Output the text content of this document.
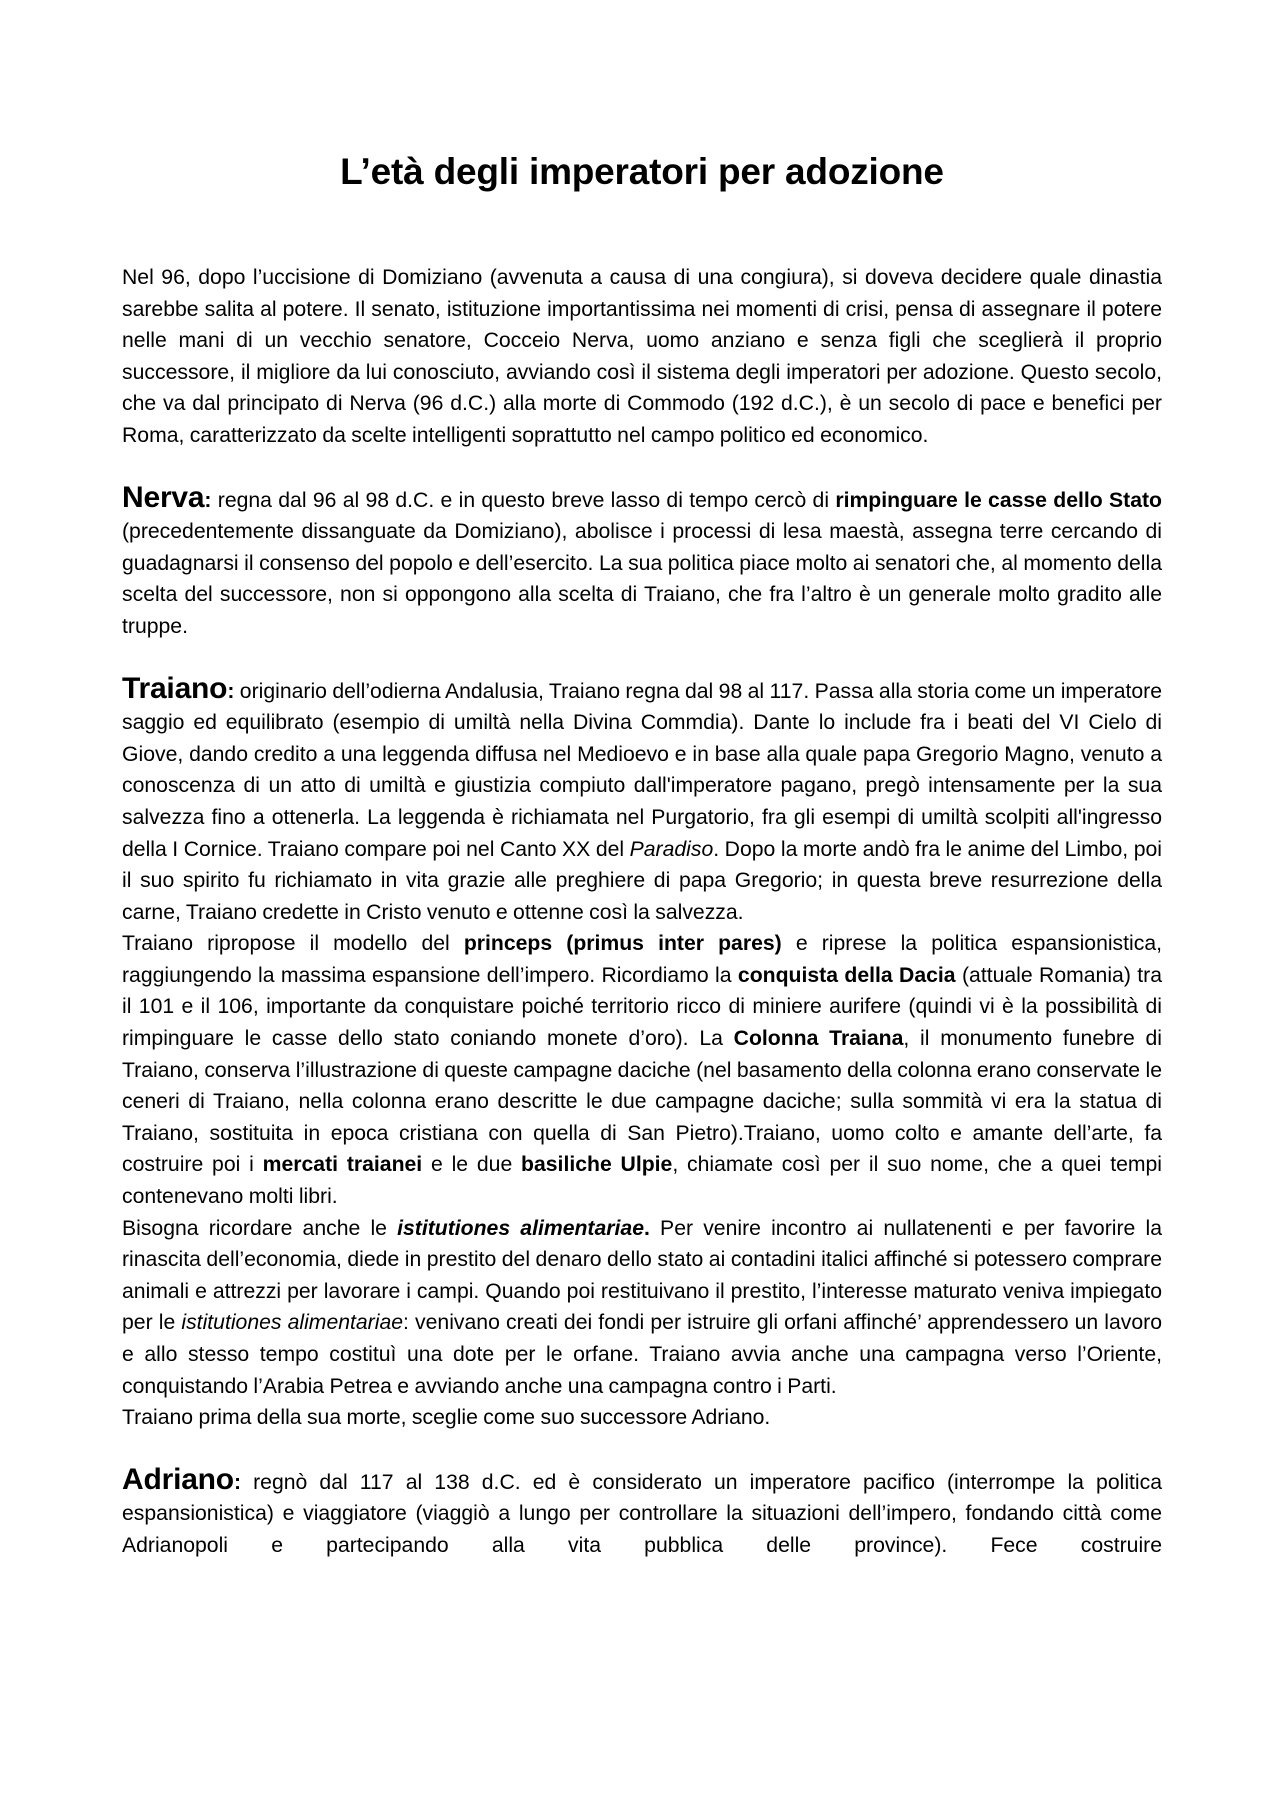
L’età degli imperatori per adozione

Nel 96, dopo l’uccisione di Domiziano (avvenuta a causa di una congiura), si doveva decidere quale dinastia sarebbe salita al potere. Il senato, istituzione importantissima nei momenti di crisi, pensa di assegnare il potere nelle mani di un vecchio senatore, Cocceio Nerva, uomo anziano e senza figli che sceglierà il proprio successore, il migliore da lui conosciuto, avviando così il sistema degli imperatori per adozione. Questo secolo, che va dal principato di Nerva (96 d.C.) alla morte di Commodo (192 d.C.), è un secolo di pace e benefici per Roma, caratterizzato da scelte intelligenti soprattutto nel campo politico ed economico.

Nerva: regna dal 96 al 98 d.C. e in questo breve lasso di tempo cercò di rimpinguare le casse dello Stato (precedentemente dissanguate da Domiziano), abolisce i processi di lesa maestà, assegna terre cercando di guadagnarsi il consenso del popolo e dell’esercito. La sua politica piace molto ai senatori che, al momento della scelta del successore, non si oppongono alla scelta di Traiano, che fra l’altro è un generale molto gradito alle truppe.

Traiano: originario dell’odierna Andalusia, Traiano regna dal 98 al 117. Passa alla storia come un imperatore saggio ed equilibrato (esempio di umiltà nella Divina Commdia). Dante lo include fra i beati del VI Cielo di Giove, dando credito a una leggenda diffusa nel Medioevo e in base alla quale papa Gregorio Magno, venuto a conoscenza di un atto di umiltà e giustizia compiuto dall'imperatore pagano, pregò intensamente per la sua salvezza fino a ottenerla. La leggenda è richiamata nel Purgatorio, fra gli esempi di umiltà scolpiti all'ingresso della I Cornice. Traiano compare poi nel Canto XX del Paradiso. Dopo la morte andò fra le anime del Limbo, poi il suo spirito fu richiamato in vita grazie alle preghiere di papa Gregorio; in questa breve resurrezione della carne, Traiano credette in Cristo venuto e ottenne così la salvezza.

Traiano ripropose il modello del princeps (primus inter pares) e riprese la politica espansionistica, raggiungendo la massima espansione dell’impero. Ricordiamo la conquista della Dacia (attuale Romania) tra il 101 e il 106, importante da conquistare poiché territorio ricco di miniere aurifere (quindi vi è la possibilità di rimpinguare le casse dello stato coniando monete d’oro). La Colonna Traiana, il monumento funebre di Traiano, conserva l’illustrazione di queste campagne daciche (nel basamento della colonna erano conservate le ceneri di Traiano, nella colonna erano descritte le due campagne daciche; sulla sommità vi era la statua di Traiano, sostituita in epoca cristiana con quella di San Pietro).Traiano, uomo colto e amante dell’arte, fa costruire poi i mercati traianei e le due basiliche Ulpie, chiamate così per il suo nome, che a quei tempi contenevano molti libri.

Bisogna ricordare anche le istitutiones alimentariae. Per venire incontro ai nullatenenti e per favorire la rinascita dell’economia, diede in prestito del denaro dello stato ai contadini italici affinché si potessero comprare animali e attrezzi per lavorare i campi. Quando poi restituivano il prestito, l’interesse maturato veniva impiegato per le istitutiones alimentariae: venivano creati dei fondi per istruire gli orfani affinché’ apprendessero un lavoro e allo stesso tempo costituì una dote per le orfane. Traiano avvia anche una campagna verso l’Oriente, conquistando l’Arabia Petrea e avviando anche una campagna contro i Parti.

Traiano prima della sua morte, sceglie come suo successore Adriano.

Adriano: regnò dal 117 al 138 d.C. ed è considerato un imperatore pacifico (interrompe la politica espansionistica) e viaggiatore (viaggiò a lungo per controllare la situazioni dell’impero, fondando città come Adrianopoli e partecipando alla vita pubblica delle province). Fece costruire
